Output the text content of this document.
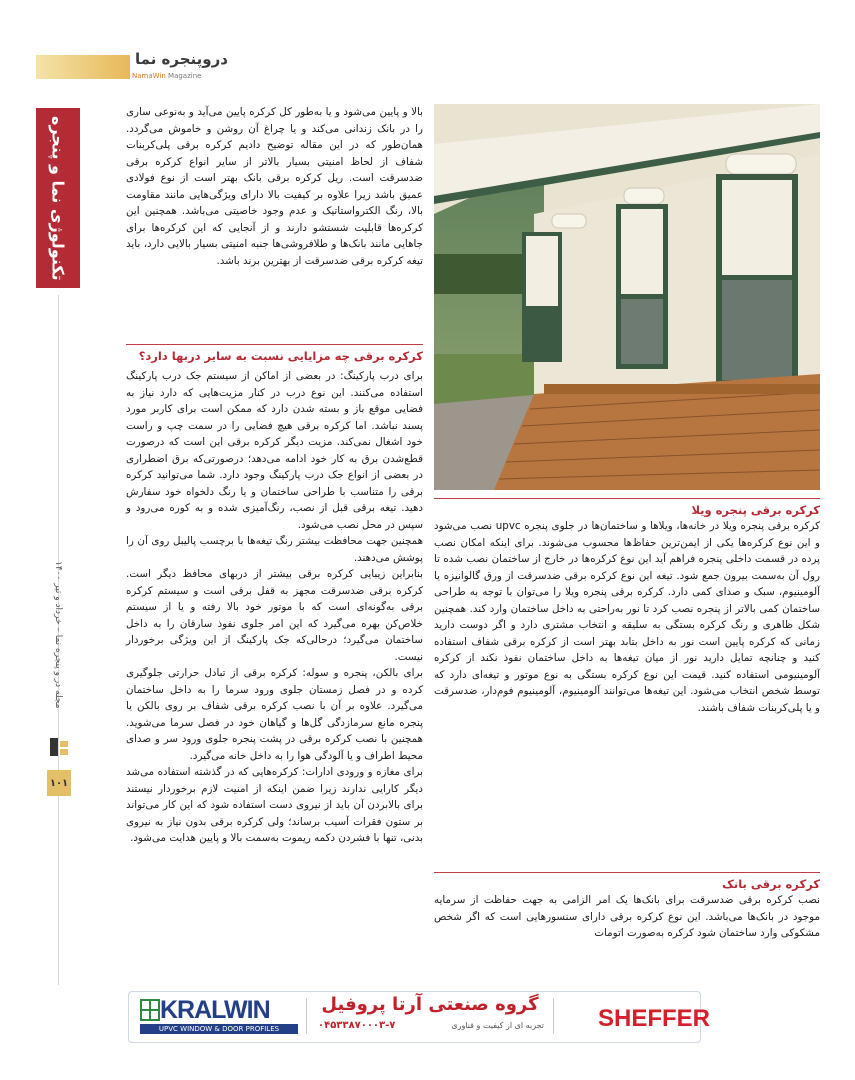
دروپنجره نما
NamaWin Magazine
تکنولوژی نما و پنجره
مجله در و پنجره نما – خرداد و تیر ۱۴۰۰
۱۰۱

بالا و پایین می‌شود و یا به‌طور کل کرکره پایین می‌آید و به‌نوعی ساری را در بانک زندانی می‌کند و یا چراغ آن روشن و خاموش می‌گردد. همان‌طور که در این مقاله توضیح دادیم کرکره برقی پلی‌کربنات شفاف از لحاظ امنیتی بسیار بالاتر از سایر انواع کرکره برقی ضدسرقت است. ریل کرکره برقی بانک بهتر است از نوع فولادی عمیق باشد زیرا علاوه بر کیفیت بالا دارای ویژگی‌هایی مانند مقاومت بالا، رنگ الکترواستاتیک و عدم وجود خاصیتی می‌باشد. همچنین این کرکره‌ها قابلیت شستشو دارند و از آنجایی که این کرکره‌ها برای جاهایی مانند بانک‌ها و طلافروشی‌ها جنبه امنیتی بسیار بالایی دارد، باید تیغه کرکره برقی ضدسرقت از بهترین برند باشد.

کرکره برقی چه مزایایی نسبت به سایر دربها دارد؟

برای درب پارکینگ: در بعضی از اماکن از سیستم جک درب پارکینگ استفاده می‌کنند. این نوع درب در کنار مزیت‌هایی که دارد نیاز به فضایی موقع باز و بسته شدن دارد که ممکن است برای کاربر مورد پسند نباشد. اما کرکره برقی هیچ فضایی را در سمت چپ و راست خود اشغال نمی‌کند. مزیت دیگر کرکره برقی این است که درصورت قطع‌شدن برق به کار خود ادامه می‌دهد؛ درصورتی‌که برق اضطراری در بعضی از انواع جک درب پارکینگ وجود دارد. شما می‌توانید کرکره برقی را متناسب با طراحی ساختمان و یا رنگ دلخواه خود سفارش دهید. تیغه برقی قبل از نصب، رنگ‌آمیزی شده و به کوره می‌رود و سپس در محل نصب می‌شود.

همچنین جهت محافظت بیشتر رنگ تیغه‌ها با برچسب پالیبل روی آن را پوشش می‌دهند.

بنابراین زیبایی کرکره برقی بیشتر از دربهای محافظ دیگر است. کرکره برقی ضدسرقت مجهز به قفل برقی است و سیستم کرکره برقی به‌گونه‌ای است که با موتور خود بالا رفته و یا از سیستم خلاص‌کن بهره می‌گیرد که این امر جلوی نفوذ سارقان را به داخل ساختمان می‌گیرد؛ درحالی‌که جک پارکینگ از این ویژگی برخوردار نیست.

برای بالکن، پنجره و سوله: کرکره برقی از تبادل حرارتی جلوگیری کرده و در فصل زمستان جلوی ورود سرما را به داخل ساختمان می‌گیرد. علاوه بر آن با نصب کرکره برقی شفاف بر روی بالکن یا پنجره مانع سرمازدگی گل‌ها و گیاهان خود در فصل سرما می‌شوید. همچنین با نصب کرکره برقی در پشت پنجره جلوی ورود سر و صدای محیط اطراف و یا آلودگی هوا را به داخل خانه می‌گیرد.

برای مغازه و ورودی ادارات: کرکره‌هایی که در گذشته استفاده می‌شد دیگر کارایی ندارند زیرا ضمن اینکه از امنیت لازم برخوردار نیستند برای بالابردن آن باید از نیروی دست استفاده شود که این کار می‌تواند بر ستون فقرات آسیب برساند؛ ولی کرکره برقی بدون نیاز به نیروی بدنی، تنها با فشردن دکمه ریموت به‌سمت بالا و پایین هدایت می‌شود.

کرکره برقی پنجره ویلا
کرکره برقی پنجره ویلا در خانه‌ها، ویلاها و ساختمان‌ها در جلوی پنجره upvc نصب می‌شود و این نوع کرکره‌ها یکی از ایمن‌ترین حفاظ‌ها محسوب می‌شوند. برای اینکه امکان نصب پرده در قسمت داخلی پنجره فراهم آید این نوع کرکره‌ها در خارج از ساختمان نصب شده تا رول آن به‌سمت بیرون جمع شود. تیغه این نوع کرکره برقی ضدسرقت از ورق گالوانیزه یا آلومینیوم، سبک و صدای کمی دارد. کرکره برقی پنجره ویلا را می‌توان با توجه به طراحی ساختمان کمی بالاتر از پنجره نصب کرد تا نور به‌راحتی به داخل ساختمان وارد کند. همچنین شکل ظاهری و رنگ کرکره بستگی به سلیقه و انتخاب مشتری دارد و اگر دوست دارید زمانی که کرکره پایین است نور به داخل بتابد بهتر است از کرکره برقی شفاف استفاده کنید و چنانچه تمایل دارید نور از میان تیغه‌ها به داخل ساختمان نفوذ نکند از کرکره آلومینیومی استفاده کنید. قیمت این نوع کرکره بستگی به نوع موتور و تیغه‌ای دارد که توسط شخص انتخاب می‌شود. این تیغه‌ها می‌توانند آلومینیوم، آلومینیوم فوم‌دار، ضدسرقت و یا پلی‌کربنات شفاف باشند.
کرکره برقی بانک
نصب کرکره برقی ضدسرقت برای بانک‌ها یک امر الزامی به جهت حفاظت از سرمایه موجود در بانک‌ها می‌باشد. این نوع کرکره برقی دارای سنسورهایی است که اگر شخص مشکوکی وارد ساختمان شود کرکره به‌صورت اتومات
KRALWIN
UPVC WINDOW & DOOR PROFILES
گروه صنعتی آرتا پروفیل
۰۴۵۳۳۸۷۰۰۰۳-۷	تجربه ای از کیفیت و فناوری SHEFFER
